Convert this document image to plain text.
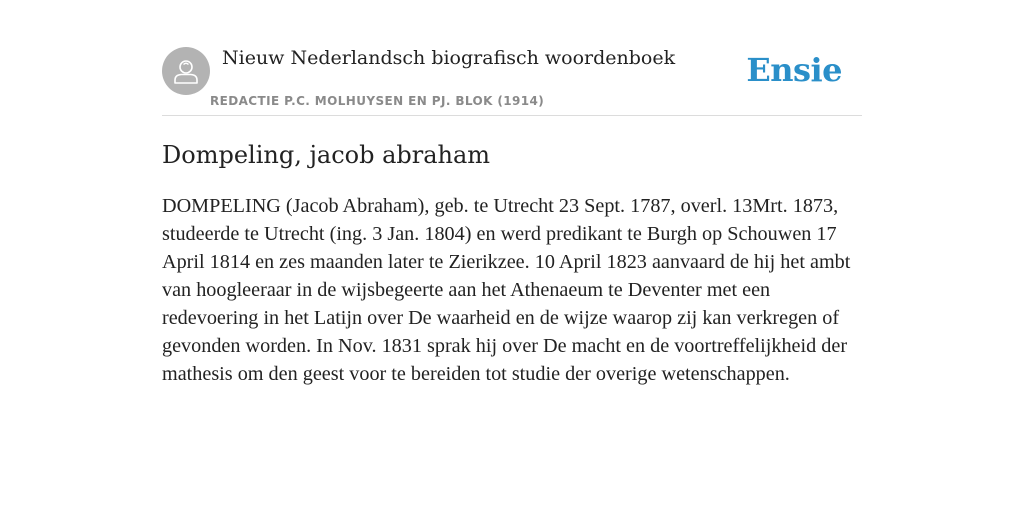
Nieuw Nederlandsch biografisch woordenboek
REDACTIE P.C. MOLHUYSEN EN PJ. BLOK (1914)
Ensie
Dompeling, jacob abraham

DOMPELING (Jacob Abraham), geb. te Utrecht 23 Sept. 1787, overl. 13Mrt. 1873, studeerde te Utrecht (ing. 3 Jan. 1804) en werd predikant te Burgh op Schouwen 17 April 1814 en zes maanden later te Zierikzee. 10 April 1823 aanvaard de hij het ambt van hoogleeraar in de wijsbegeerte aan het Athenaeum te Deventer met een redevoering in het Latijn over De waarheid en de wijze waarop zij kan verkregen of gevonden worden. In Nov. 1831 sprak hij over De macht en de voortreffelijkheid der mathesis om den geest voor te bereiden tot studie der overige wetenschappen.
